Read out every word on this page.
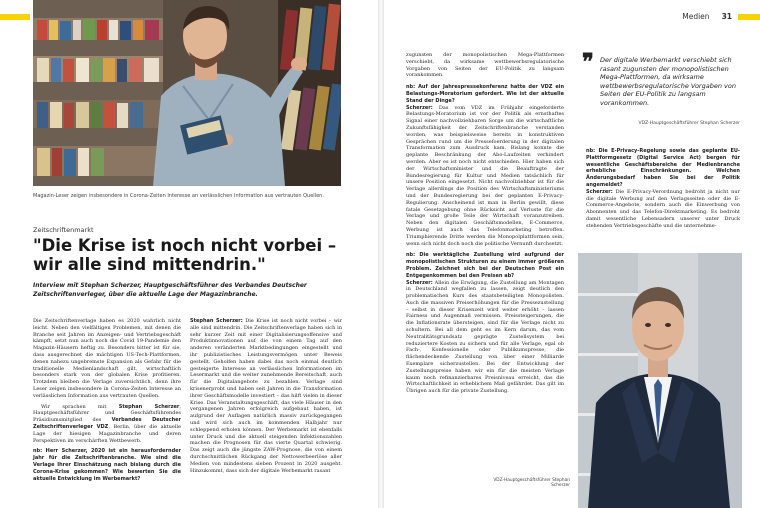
Medien 31
Magazin-Leser zeigen insbesondere in Corona-Zeiten Interesse an verlässlichen Information aus vertrauten Quellen.
Zeitschriftenmarkt
"Die Krise ist noch nicht vorbei –
wir alle sind mittendrin."
Interview mit Stephan Scherzer, Hauptgeschäftsführer des Verbandes Deutscher Zeitschriftenverleger, über die aktuelle Lage der Magazinbranche.

Die Zeitschriftenverlage haben es 2020 wahrlich nicht leicht. Neben den vielfältigen Problemen, mit denen die Branche seit Jahren im Anzeigen- und Vertriebsgeschäft kämpft, setzt nun auch noch die Covid 19-Pandemie den Magazin-Häusern heftig zu. Besonders bitter ist für sie, dass ausgerechnet die mächtigen US-Tech-Plattformen, denen nahezu ungebremste Expansion als Gefahr für die traditionelle Medienlandschaft gilt, wirtschaftlich besonders stark von der globalen Krise profitieren. Trotzdem bleiben die Verlage zuversichtlich, denn ihre Leser zeigen insbesondere in Corona-Zeiten Interesse an verlässlichen Information aus vertrauten Quellen.

Wir sprachen mit Stephan Scherzer, Hauptgeschäftsführer und Geschäftsführendes Präsidiumsmitglied des Verbandes Deutscher Zeitschriftenverleger VDZ, Berlin, über die aktuelle Lage der hiesigen Magazinbranche und deren Perspektiven im verschärften Wettbewerb.

nb: Herr Scherzer, 2020 ist ein herausfordernder Jahr für die Zeitschriftenbranche. Wie sind die Verlage Ihrer Einschätzung nach bislang durch die Corona-Krise gekommen? Wie bewerten Sie die aktuelle Entwicklung im Werbemarkt?

Stephan Scherzer: Die Krise ist noch nicht vorbei – wir alle sind mittendrin. Die Zeitschriftenverlage haben sich in sehr kurzer Zeit mit einer Digitalisierungsoffensive und Produktinnovationen auf die von einem Tag auf den anderen veränderten Marktbedingungen eingestellt und ihr publizistisches Leistungsvermögen unter Beweis gestellt. Geholfen haben dabei das noch einmal deutlich gesteigerte Interesse an verlässlichen Informationen im Lesermarkt und die weiter zunehmende Bereitschaft, auch für die Digitalangebote zu bezahlen. Verlage sind krisenerprobt und haben seit Jahren in die Transformation ihrer Geschäftsmodelle investiert – das hilft vielen in dieser Krise. Das Veranstaltungsgeschäft, das viele Häuser in den vergangenen Jahren erfolgreich aufgebaut haben, ist aufgrund der Auflagen natürlich massiv zurückgegangen und wird sich auch im kommenden Halbjahr nur schleppend erholen können. Der Werbemarkt ist ebenfalls unter Druck und die aktuell steigenden Infektionszahlen machen die Prognosen für das vierte Quartal schwierig. Das zeigt auch die jüngste ZAW-Prognose, die von einem durchschnittlichen Rückgang der Nettowerbeerlöse aller Medien von mindestens sieben Prozent in 2020 ausgeht. Hinzukommt, dass sich der digitale Werbemarkt rasant

zugunsten der monopolistischen Mega-Plattformen verschiebt, da wirksame wettbewerbsregulatorische Vorgaben von Seiten der EU-Politik zu langsam vorankommen.

nb: Auf der Jahrespressekonferenz hatte der VDZ ein Belastungs-Moratorium gefordert. Wie ist der aktuelle Stand der Dinge?

Scherzer: Das vom VDZ im Frühjahr eingeforderte Belastungs-Moratorium ist vor der Politik als ernsthaftes Signal einer nachvollziehbaren Sorge um die wirtschaftliche Zukunftsfähigkeit der Zeitschriftenbranche verstanden worden, was beispielsweise bereits in konstruktiven Gesprächen rund um die Pressefoerderung in der digitalen Transformation zum Ausdruck kam. Bislang konnte die geplante Beschränkung der Abo-Laufzeiten verhindert werden. Aber es ist noch nicht entschieden. Hier haben sich der Wirtschaftsminister und die Beauftragte der Bundesregierung für Kultur und Medien tatsächlich für unsere Position eingesetzt. Nicht nachvollziehbar ist für die Verlage allerdings die Position des Wirtschaftsministeriums und der Bundesregierung bei der geplanten E-Privacy-Regulierung. Anscheinend ist man in Berlin gewillt, diese fatale Gesetzgebung ohne Rücksicht auf Verluste für die Verlage und große Teile der Wirtschaft voranzutreiben. Neben den digitalen Geschäftsmodellen, E-Commerce, Werbung ist auch das Telefonmarketing betroffen. Triumphierende Dritte werden die Monopolplattformen sein, wenn sich nicht doch noch die politische Vernunft durchsetzt.

nb: Die werktägliche Zustellung wird aufgrund der monopolistischen Strukturen zu einem immer größeren Problem. Zeichnet sich bei der Deutschen Post ein Entgegenkommen bei den Preisen ab?

Scherzer: Allein die Erwägung, die Zustellung am Montagen in Deutschland wegfallen zu lassen, zeigt deutlich den problematischen Kurs des staatsbeteiligten Monopolisten. Auch die massiven Preiserhöhungen für die Pressezustellung – selbst in dieser Krisenzeit wird weiter erhöht – lassen Fairness und Augenmaß vermissen. Preissteigerungen, die die Inflationsrate übersteigen, sind für die Verlage nicht zu schultern. Bei all dem geht es im Kern darum, das vom Neutralitätsgrundsatz geprägte Zustellsystem bei reduziertere Kosten zu sichern und für alle Verlage, egal ob Fach-, Konfessionelle oder Publikumspresse, die flächendeckende Zustellung von über einer Milliarde Exemplare sicherzustellen. Bei der Entwicklung der Zustellungspreise haben wir ein für die meisten Verlage kaum noch refinanzierbares Preisniveau erreicht, das die Wirtschaftlichkeit in erheblichem Maß gefährdet. Das gilt im Übrigen auch für die private Zustellung.

❞ Der digitale Werbemarkt verschiebt sich rasant zugunsten der monopolistischen Mega-Plattformen, da wirksame wettbewerbsregulatorische Vorgaben von Seiten der EU-Politik zu langsam vorankommen.
VDZ-Hauptgeschäftsführer Stephan Scherzer

nb: Die E-Privacy-Regelung sowie das geplante EU-Plattformgesetz (Digital Service Act) bergen für wesentliche Geschäftsbereiche der Medienbranche erhebliche Einschränkungen. Welchen Änderungsbedarf haben Sie bei der Politik angemeldet?

Scherzer: Die E-Privacy-Verordnung bedroht ja nicht nur die digitale Werbung auf den Verlagsseiten oder die E-Commerce-Angebote, sondern auch die Einwerbung von Abonnenten und das Telefon-Direktmarketing. Es bedroht damit wesentliche Lebensadern unserer unter Druck stehenden Vertriebsgeschäfte und die unternehme-

VDZ-Hauptgeschäftsführer Stephan Scherzer
